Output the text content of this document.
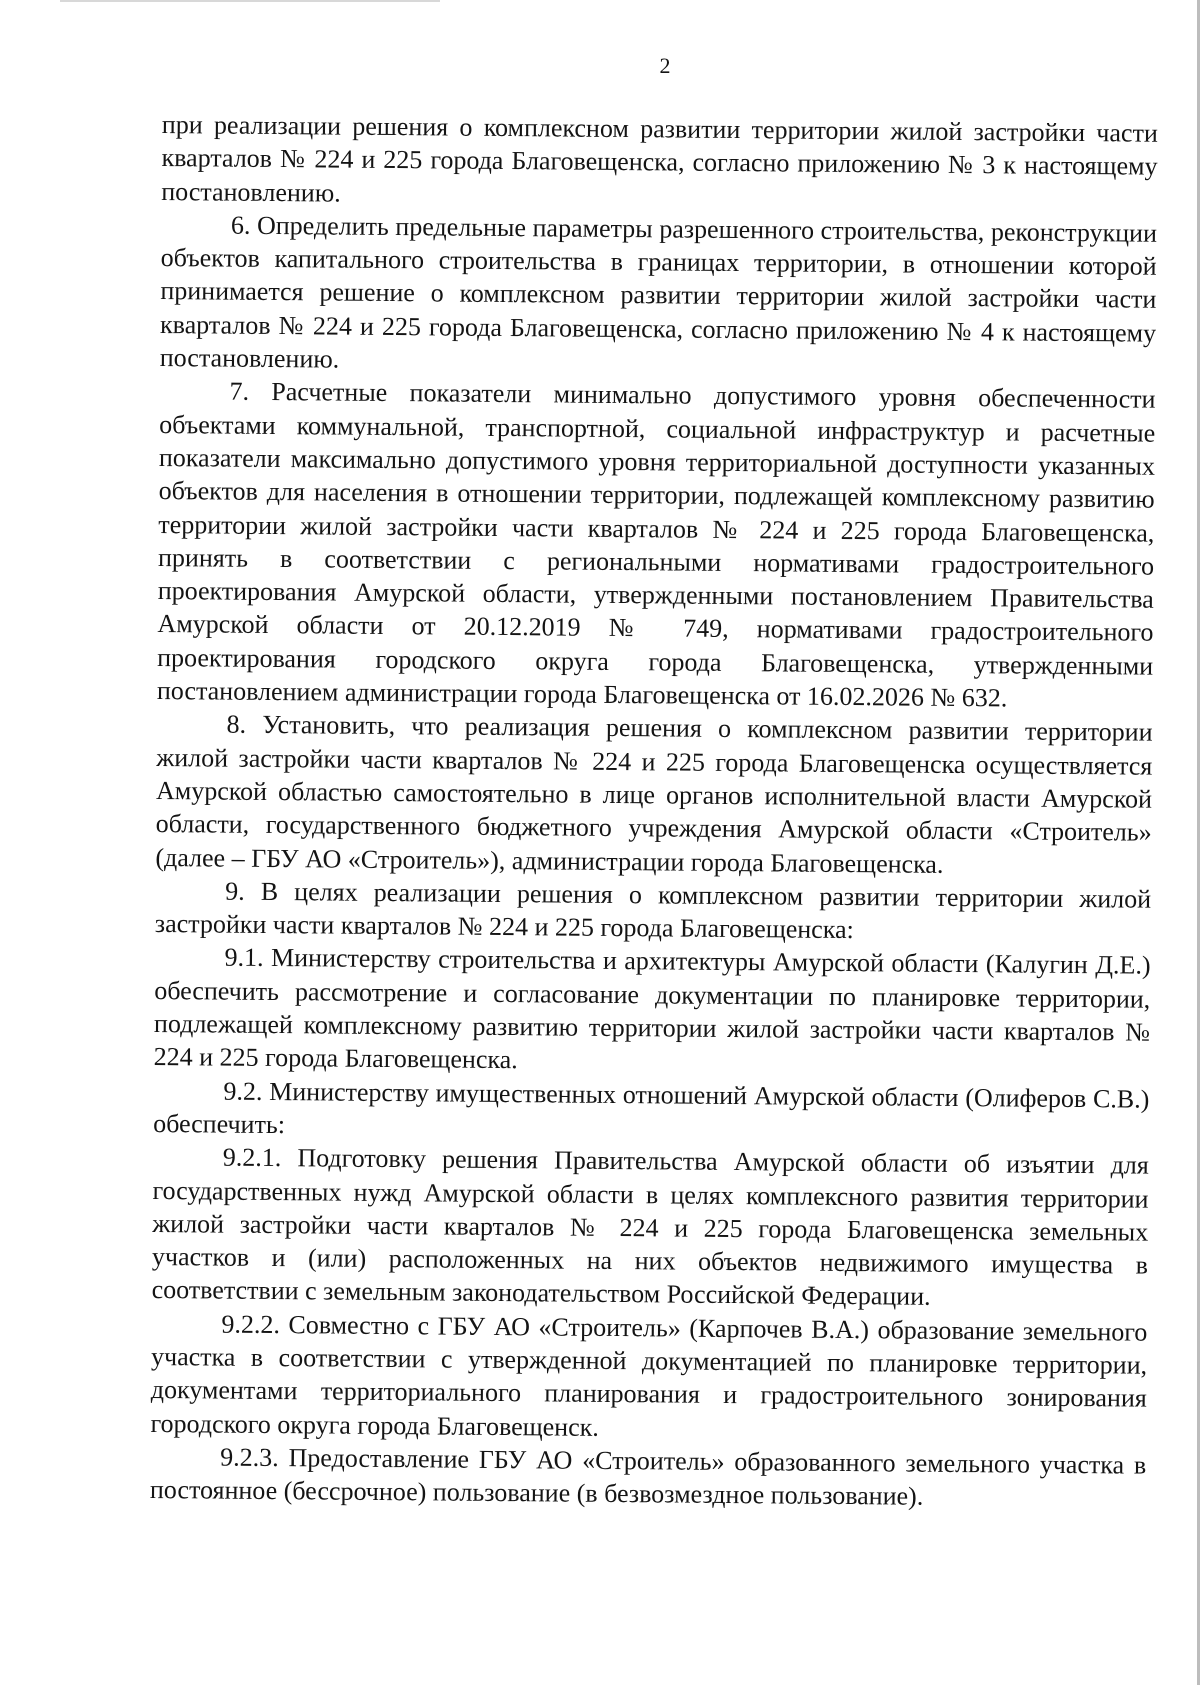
2

при реализации решения о комплексном развитии территории жилой застройки части кварталов № 224 и 225 города Благовещенска, согласно приложению № 3 к настоящему постановлению.

6. Определить предельные параметры разрешенного строительства, реконструкции объектов капитального строительства в границах территории, в отношении которой принимается решение о комплексном развитии территории жилой застройки части кварталов № 224 и 225 города Благовещенска, согласно приложению № 4 к настоящему постановлению.

7. Расчетные показатели минимально допустимого уровня обеспеченности объектами коммунальной, транспортной, социальной инфраструктур и расчетные показатели максимально допустимого уровня территориальной доступности указанных объектов для населения в отношении территории, подлежащей комплексному развитию территории жилой застройки части кварталов № 224 и 225 города Благовещенска, принять в соответствии с региональными нормативами градостроительного проектирования Амурской области, утвержденными постановлением Правительства Амурской области от 20.12.2019 № 749, нормативами градостроительного проектирования городского округа города Благовещенска, утвержденными постановлением администрации города Благовещенска от 16.02.2026 № 632.

8. Установить, что реализация решения о комплексном развитии территории жилой застройки части кварталов № 224 и 225 города Благовещенска осуществляется Амурской областью самостоятельно в лице органов исполнительной власти Амурской области, государственного бюджетного учреждения Амурской области «Строитель» (далее – ГБУ АО «Строитель»), администрации города Благовещенска.

9. В целях реализации решения о комплексном развитии территории жилой застройки части кварталов № 224 и 225 города Благовещенска:

9.1. Министерству строительства и архитектуры Амурской области (Калугин Д.Е.) обеспечить рассмотрение и согласование документации по планировке территории, подлежащей комплексному развитию территории жилой застройки части кварталов № 224 и 225 города Благовещенска.

9.2. Министерству имущественных отношений Амурской области (Олиферов С.В.) обеспечить:

9.2.1. Подготовку решения Правительства Амурской области об изъятии для государственных нужд Амурской области в целях комплексного развития территории жилой застройки части кварталов № 224 и 225 города Благовещенска земельных участков и (или) расположенных на них объектов недвижимого имущества в соответствии с земельным законодательством Российской Федерации.

9.2.2. Совместно с ГБУ АО «Строитель» (Карпочев В.А.) образование земельного участка в соответствии с утвержденной документацией по планировке территории, документами территориального планирования и градостроительного зонирования городского округа города Благовещенск.

9.2.3. Предоставление ГБУ АО «Строитель» образованного земельного участка в постоянное (бессрочное) пользование (в безвозмездное пользование).
